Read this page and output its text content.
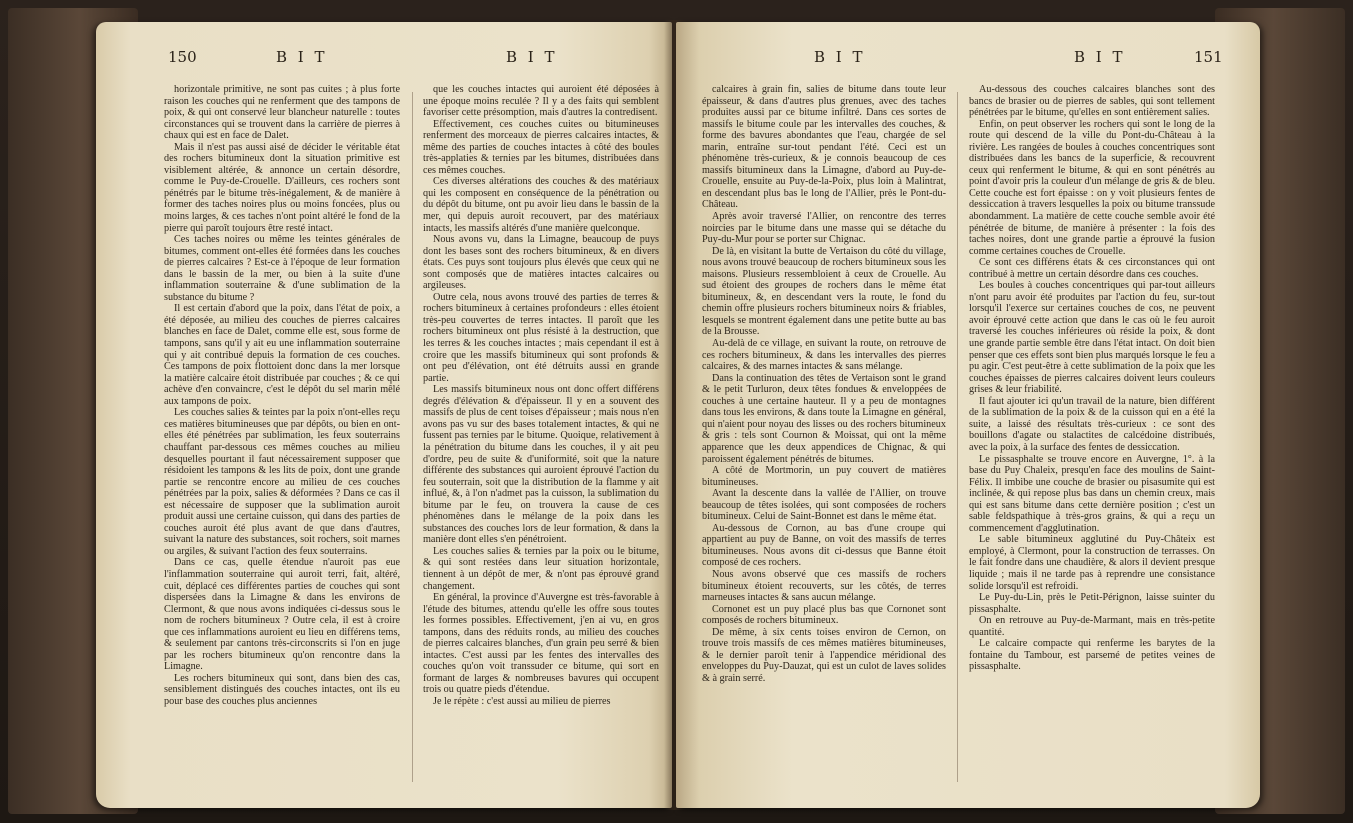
150	B I T	B I T

horizontale primitive, ne sont pas cuites ; à plus forte raison les couches qui ne renferment que des tampons de poix, & qui ont conservé leur blancheur naturelle : toutes circonstances qui se trouvent dans la carrière de pierres à chaux qui est en face de Dalet.

Mais il n'est pas aussi aisé de décider le véritable état des rochers bitumineux dont la situation primitive est visiblement altérée, & annonce un certain désordre, comme le Puy-de-Crouelle. D'ailleurs, ces rochers sont pénétrés par le bitume très-inégalement, & de manière à former des taches noires plus ou moins foncées, plus ou moins larges, & ces taches n'ont point altéré le fond de la pierre qui paroît toujours être resté intact.

Ces taches noires ou même les teintes générales de bitumes, comment ont-elles été formées dans les couches de pierres calcaires ? Est-ce à l'époque de leur formation dans le bassin de la mer, ou bien à la suite d'une inflammation souterraine & d'une sublimation de la substance du bitume ?

Il est certain d'abord que la poix, dans l'état de poix, a été déposée, au milieu des couches de pierres calcaires blanches en face de Dalet, comme elle est, sous forme de tampons, sans qu'il y ait eu une inflammation souterraine qui y ait contribué depuis la formation de ces couches. Ces tampons de poix flottoient donc dans la mer lorsque la matière calcaire étoit distribuée par couches ; & ce qui achève d'en convaincre, c'est le dépôt du sel marin mêlé aux tampons de poix.

Les couches salies & teintes par la poix n'ont-elles reçu ces matières bitumineuses que par dépôts, ou bien en ont-elles été pénétrées par sublimation, les feux souterrains chauffant par-dessous ces mêmes couches au milieu desquelles pourtant il faut nécessairement supposer que résidoient les tampons & les lits de poix, dont une grande partie se rencontre encore au milieu de ces couches pénétrées par la poix, salies & déformées ? Dans ce cas il est nécessaire de supposer que la sublimation auroit produit aussi une certaine cuisson, qui dans des parties de couches auroit été plus avant de que dans d'autres, suivant la nature des substances, soit rochers, soit marnes ou argiles, & suivant l'action des feux souterrains.

Dans ce cas, quelle étendue n'auroit pas eue l'inflammation souterraine qui auroit terri, fait, altéré, cuit, déplacé ces différentes parties de couches qui sont dispersées dans la Limagne & dans les environs de Clermont, & que nous avons indiquées ci-dessus sous le nom de rochers bitumineux ? Outre cela, il est à croire que ces inflammations auroient eu lieu en différens tems, & seulement par cantons très-circonscrits si l'on en juge par les rochers bitumineux qu'on rencontre dans la Limagne.

Les rochers bitumineux qui sont, dans bien des cas, sensiblement distingués des couches intactes, ont ils eu pour base des couches plus anciennes

que les couches intactes qui auroient été déposées à une époque moins reculée ? Il y a des faits qui semblent favoriser cette présomption, mais d'autres la contredisent.

Effectivement, ces couches cuites ou bitumineuses renferment des morceaux de pierres calcaires intactes, & même des parties de couches intactes à côté des boules très-applaties & ternies par les bitumes, distribuées dans ces mêmes couches.

Ces diverses altérations des couches & des matériaux qui les composent en conséquence de la pénétration ou du dépôt du bitume, ont pu avoir lieu dans le bassin de la mer, qui depuis auroit recouvert, par des matériaux intacts, les massifs altérés d'une manière quelconque.

Nous avons vu, dans la Limagne, beaucoup de puys dont les bases sont des rochers bitumineux, & en divers états. Ces puys sont toujours plus élevés que ceux qui ne sont composés que de matières intactes calcaires ou argileuses.

Outre cela, nous avons trouvé des parties de terres & rochers bitumineux à certaines profondeurs : elles étoient très-peu couvertes de terres intactes. Il paroît que les rochers bitumineux ont plus résisté à la destruction, que les terres & les couches intactes ; mais cependant il est à croire que les massifs bitumineux qui sont profonds & ont peu d'élévation, ont été détruits aussi en grande partie.

Les massifs bitumineux nous ont donc offert différens degrés d'élévation & d'épaisseur. Il y en a souvent des massifs de plus de cent toises d'épaisseur ; mais nous n'en avons pas vu sur des bases totalement intactes, & qui ne fussent pas ternies par le bitume. Quoique, relativement à la pénétration du bitume dans les couches, il y ait peu d'ordre, peu de suite & d'uniformité, soit que la nature différente des substances qui auroient éprouvé l'action du feu souterrain, soit que la distribution de la flamme y ait influé, &, à l'on n'admet pas la cuisson, la sublimation du bitume par le feu, on trouvera la cause de ces phénomènes dans le mélange de la poix dans les substances des couches lors de leur formation, & dans la manière dont elles s'en pénétroient.

Les couches salies & ternies par la poix ou le bitume, & qui sont restées dans leur situation horizontale, tiennent à un dépôt de mer, & n'ont pas éprouvé grand changement.

En général, la province d'Auvergne est très-favorable à l'étude des bitumes, attendu qu'elle les offre sous toutes les formes possibles. Effectivement, j'en ai vu, en gros tampons, dans des réduits ronds, au milieu des couches de pierres calcaires blanches, d'un grain peu serré & bien intactes. C'est aussi par les fentes des intervalles des couches qu'on voit transsuder ce bitume, qui sort en formant de larges & nombreuses bavures qui occupent trois ou quatre pieds d'étendue.

Je le répète : c'est aussi au milieu de pierres

B I T	B I T	151

calcaires à grain fin, salies de bitume dans toute leur épaisseur, & dans d'autres plus grenues, avec des taches produites aussi par ce bitume infiltré. Dans ces sortes de massifs le bitume coule par les intervalles des couches, & forme des bavures abondantes que l'eau, chargée de sel marin, entraîne sur-tout pendant l'été. Ceci est un phénomène très-curieux, & je connois beaucoup de ces massifs bitumineux dans la Limagne, d'abord au Puy-de-Crouelle, ensuite au Puy-de-la-Poix, plus loin à Malintrat, en descendant plus bas le long de l'Allier, près le Pont-du-Château.

Après avoir traversé l'Allier, on rencontre des terres noircies par le bitume dans une masse qui se détache du Puy-du-Mur pour se porter sur Chignac.

De là, en visitant la butte de Vertaison du côté du village, nous avons trouvé beaucoup de rochers bitumineux sous les maisons. Plusieurs ressembloient à ceux de Crouelle. Au sud étoient des groupes de rochers dans le même état bitumineux, &, en descendant vers la route, le fond du chemin offre plusieurs rochers bitumineux noirs & friables, lesquels se montrent également dans une petite butte au bas de la Brousse.

Au-delà de ce village, en suivant la route, on retrouve de ces rochers bitumineux, & dans les intervalles des pierres calcaires, & des marnes intactes & sans mélange.

Dans la continuation des têtes de Vertaison sont le grand & le petit Turluron, deux têtes fondues & enveloppées de couches à une certaine hauteur. Il y a peu de montagnes dans tous les environs, & dans toute la Limagne en général, qui n'aient pour noyau des lisses ou des rochers bitumineux & gris : tels sont Cournon & Moissat, qui ont la même apparence que les deux appendices de Chignac, & qui paroissent également pénétrés de bitumes.

A côté de Mortmorin, un puy couvert de matières bitumineuses.

Avant la descente dans la vallée de l'Allier, on trouve beaucoup de têtes isolées, qui sont composées de rochers bitumineux. Celui de Saint-Bonnet est dans le même état.

Au-dessous de Cornon, au bas d'une croupe qui appartient au puy de Banne, on voit des massifs de terres bitumineuses. Nous avons dit ci-dessus que Banne étoit composé de ces rochers.

Nous avons observé que ces massifs de rochers bitumineux étoient recouverts, sur les côtés, de terres marneuses intactes & sans aucun mélange.

Cornonet est un puy placé plus bas que Cornonet sont composés de rochers bitumineux.

De même, à six cents toises environ de Cernon, on trouve trois massifs de ces mêmes matières bitumineuses, & le dernier paroît tenir à l'appendice méridional des enveloppes du Puy-Dauzat, qui est un culot de laves solides & à grain serré.

Au-dessous des couches calcaires blanches sont des bancs de brasier ou de pierres de sables, qui sont tellement pénétrées par le bitume, qu'elles en sont entièrement salies.

Enfin, on peut observer les rochers qui sont le long de la route qui descend de la ville du Pont-du-Château à la rivière. Les rangées de boules à couches concentriques sont distribuées dans les bancs de la superficie, & recouvrent ceux qui renferment le bitume, & qui en sont pénétrés au point d'avoir pris la couleur d'un mélange de gris & de bleu. Cette couche est fort épaisse : on y voit plusieurs fentes de dessiccation à travers lesquelles la poix ou bitume transsude abondamment. La matière de cette couche semble avoir été pénétrée de bitume, de manière à présenter : la fois des taches noires, dont une grande partie a éprouvé la fusion comme certaines couches de Crouelle.

Ce sont ces différens états & ces circonstances qui ont contribué à mettre un certain désordre dans ces couches.

Les boules à couches concentriques qui par-tout ailleurs n'ont paru avoir été produites par l'action du feu, sur-tout lorsqu'il l'exerce sur certaines couches de cos, ne peuvent avoir éprouvé cette action que dans le cas où le feu auroit traversé les couches inférieures où réside la poix, & dont une grande partie semble être dans l'état intact. On doit bien penser que ces effets sont bien plus marqués lorsque le feu a pu agir. C'est peut-être à cette sublimation de la poix que les couches épaisses de pierres calcaires doivent leurs couleurs grises & leur friabilité.

Il faut ajouter ici qu'un travail de la nature, bien différent de la sublimation de la poix & de la cuisson qui en a été la suite, a laissé des résultats très-curieux : ce sont des bouillons d'agate ou stalactites de calcédoine distribués, avec la poix, à la surface des fentes de dessiccation.

Le pissasphalte se trouve encore en Auvergne, 1°. à la base du Puy Chaleix, presqu'en face des moulins de Saint-Félix. Il imbibe une couche de brasier ou pisasumite qui est inclinée, & qui repose plus bas dans un chemin creux, mais qui est sans bitume dans cette dernière position ; c'est un sable feldspathique à très-gros grains, & qui a reçu un commencement d'agglutination.

Le sable bitumineux agglutiné du Puy-Châteix est employé, à Clermont, pour la construction de terrasses. On le fait fondre dans une chaudière, & alors il devient presque liquide ; mais il ne tarde pas à reprendre une consistance solide lorsqu'il est refroidi.

Le Puy-du-Lin, près le Petit-Pérignon, laisse suinter du pissasphalte.

On en retrouve au Puy-de-Marmant, mais en très-petite quantité.

Le calcaire compacte qui renferme les barytes de la fontaine du Tambour, est parsemé de petites veines de pissasphalte.
